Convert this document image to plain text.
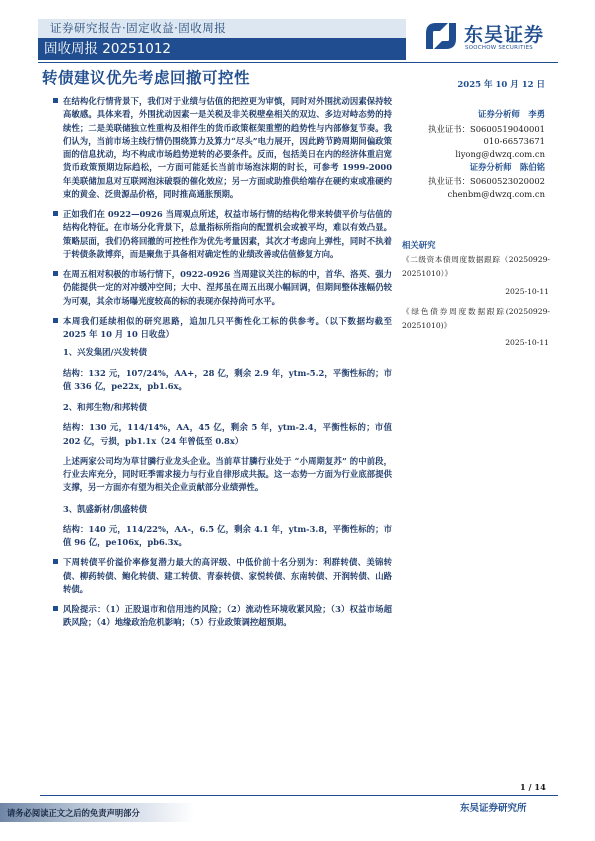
证券研究报告·固定收益·固收周报
固收周报 20251012
东吴证券
SOOCHOW SECURITIES
转债建议优先考虑回撤可控性	2025 年 10 月 12 日
证券分析师　李勇
执业证书：S0600519040001
010-66573671
liyong@dwzq.com.cn
证券分析师　陈伯铭
执业证书：S0600523020002
chenbm@dwzq.com.cn
相关研究
《二级资本债周度数据跟踪（20250929-20251010）》
2025-10-11
《绿色债券周度数据跟踪(20250929-20251010)》
2025-10-11

在结构化行情背景下，我们对于业绩与估值的把控更为审慎，同时对外围扰动因素保持较高敏感。具体来看，外围扰动因素一是关税及非关税壁垒相关的双边、多边对峙态势的持续性；二是美联储独立性重构及相伴生的货币政策框架重塑的趋势性与内部修复节奏。我们认为，当前市场主线行情仍围绕算力及算力“尽头”电力展开，因此跨节跨周期间偏政策面的信息扰动，均不构成市场趋势逆转的必要条件。反而，包括美日在内的经济体重启宽货币政策预期边际趋松，一方面可能延长当前市场泡沫期的时长，可参考 1999-2000 年美联储加息对互联网泡沫破裂的催化效应；另一方面或助推供给端存在硬约束或准硬约束的黄金、泛贵源品价格，同时推高通胀预期。

正如我们在 0922—0926 当周观点所述，权益市场行情的结构化带来转债平价与估值的结构化特征。在市场分化背景下，总量指标所指向的配置机会或被平均，难以有效凸显。策略层面，我们仍将回撤的可控性作为优先考量因素，其次才考虑向上弹性，同时不执着于转债条款博弈，而是聚焦于具备相对确定性的业绩改善或估值修复方向。

在周五相对积极的市场行情下，0922-0926 当周建议关注的标的中，首华、洛英、强力仍能提供一定的对冲缓冲空间；大中、涅邦虽在周五出现小幅回调，但期间整体涨幅仍较为可观，其余市场曝光度较高的标的表现亦保持尚可水平。

本周我们延续相似的研究思路，追加几只平衡性化工标的供参考。（以下数据均截至 2025 年 10 月 10 日收盘）

1、兴发集团/兴发转债
结构：132 元，107/24%，AA+，28 亿，剩余 2.9 年，ytm-5.2，平衡性标的；市值 336 亿，pe22x，pb1.6x。
2、和邦生物/和邦转债
结构：130 元，114/14%，AA，45 亿，剩余 5 年，ytm-2.4，平衡性标的；市值 202 亿，亏损，pb1.1x（24 年曾低至 0.8x）
上述两家公司均为草甘膦行业龙头企业。当前草甘膦行业处于 “小周期复苏” 的中前段，行业去库充分，同时旺季需求接力与行业自律形成共振。这一态势一方面为行业底部提供支撑，另一方面亦有望为相关企业贡献部分业绩弹性。
3、凯盛新材/凯盛转债
结构：140 元，114/22%，AA-，6.5 亿，剩余 4.1 年，ytm-3.8，平衡性标的；市值 96 亿，pe106x，pb6.3x。

下周转债平价溢价率修复潜力最大的高评级、中低价前十名分别为：利群转债、美锦转债、柳药转债、鲍化转债、建工转债、青泰转债、家悦转债、东南转债、开润转债、山路转债。

风险提示：（1）正股退市和信用违约风险；（2）流动性环境收紧风险；（3）权益市场超跌风险；（4）地缘政治危机影响；（5）行业政策调控超预期。

1 / 14
东吴证券研究所
请务必阅读正文之后的免责声明部分
